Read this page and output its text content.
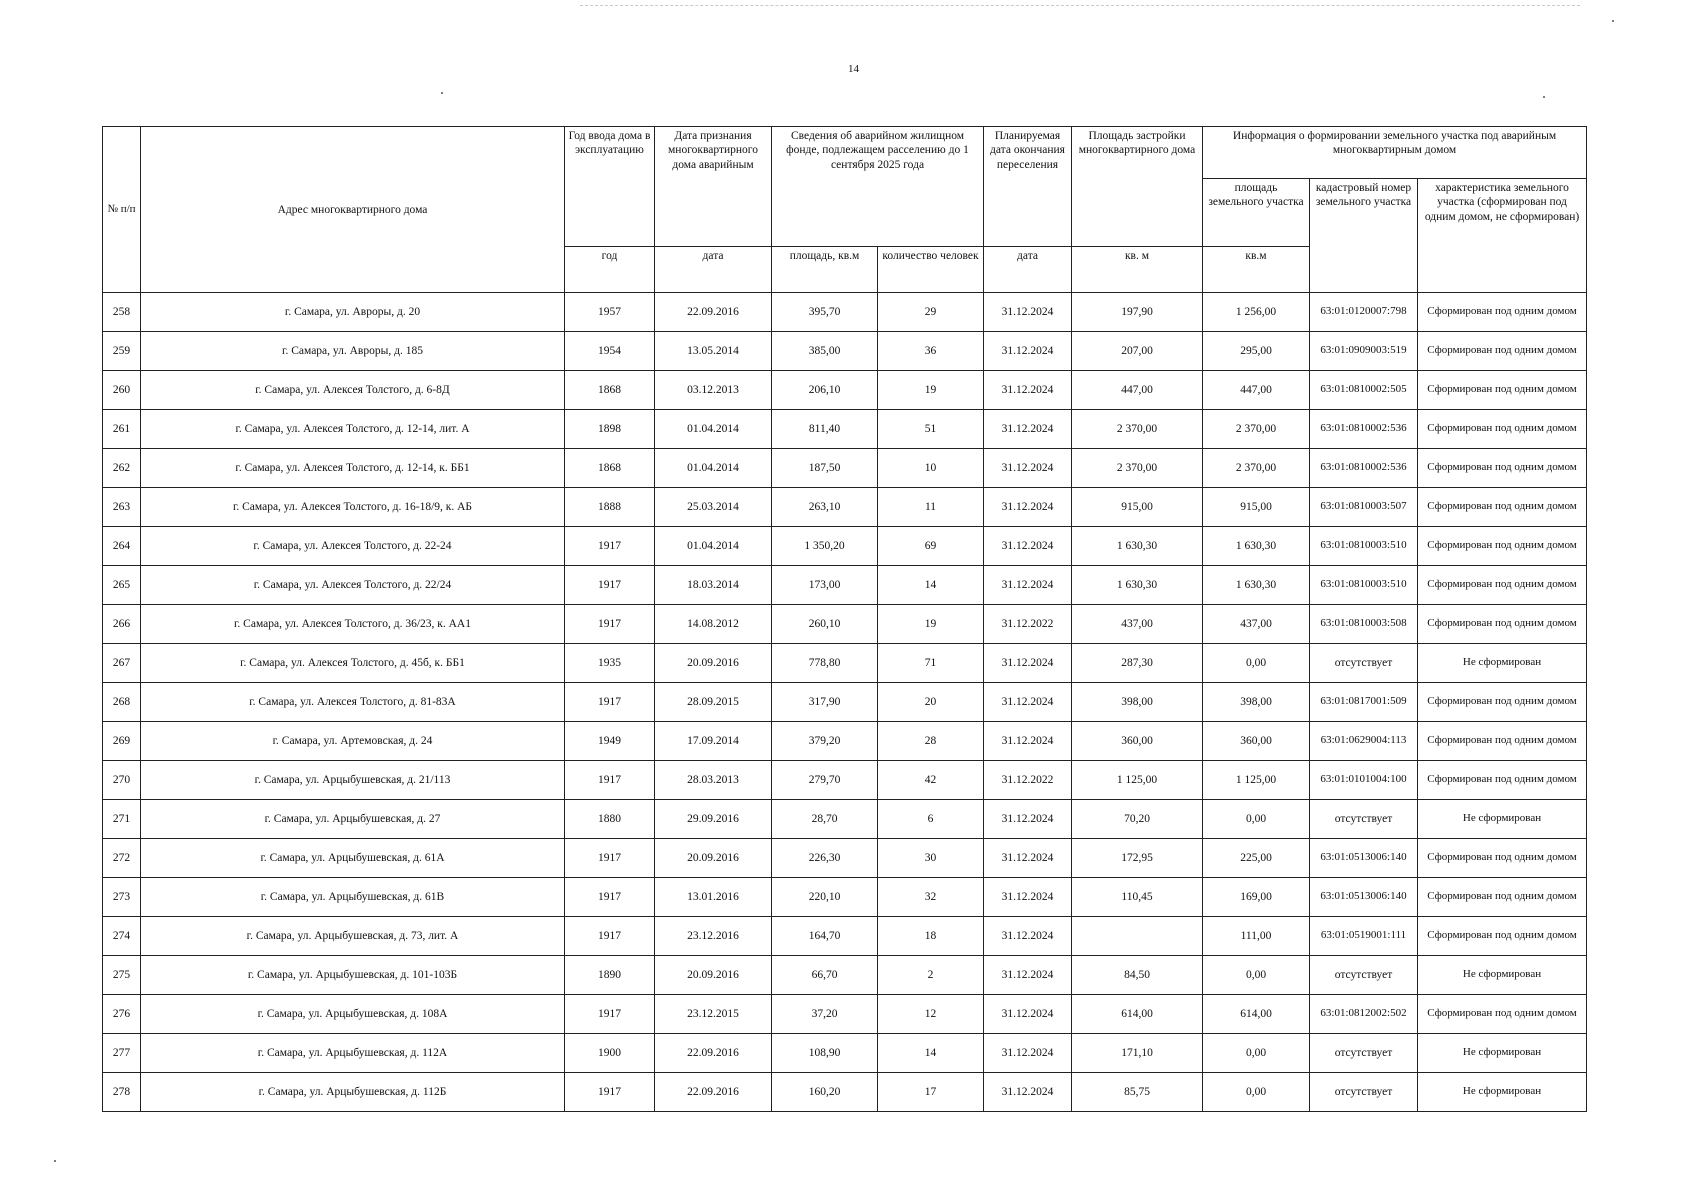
14
№ п/п	Адрес многоквартирного дома	Год ввода дома в эксплуатацию	Дата признания многоквартирного дома аварийным	Сведения об аварийном жилищном фонде, подлежащем расселению до 1 сентября 2025 года		Планируемая дата окончания переселения	Площадь застройки многоквартирного дома	Информация о формировании земельного участка под аварийным многоквартирным домом		
								площадь земельного участка	кадастровый номер земельного участка	характеристика земельного участка (сформирован под одним домом, не сформирован)
		год	дата	площадь, кв.м	количество человек	дата	кв. м	кв.м		
258	г. Самара, ул. Авроры, д. 20	1957	22.09.2016	395,70	29	31.12.2024	197,90	1 256,00	63:01:0120007:798	Сформирован под одним домом
259	г. Самара, ул. Авроры, д. 185	1954	13.05.2014	385,00	36	31.12.2024	207,00	295,00	63:01:0909003:519	Сформирован под одним домом
260	г. Самара, ул. Алексея Толстого, д. 6-8Д	1868	03.12.2013	206,10	19	31.12.2024	447,00	447,00	63:01:0810002:505	Сформирован под одним домом
261	г. Самара, ул. Алексея Толстого, д. 12-14, лит. А	1898	01.04.2014	811,40	51	31.12.2024	2 370,00	2 370,00	63:01:0810002:536	Сформирован под одним домом
262	г. Самара, ул. Алексея Толстого, д. 12-14, к. ББ1	1868	01.04.2014	187,50	10	31.12.2024	2 370,00	2 370,00	63:01:0810002:536	Сформирован под одним домом
263	г. Самара, ул. Алексея Толстого, д. 16-18/9, к. АБ	1888	25.03.2014	263,10	11	31.12.2024	915,00	915,00	63:01:0810003:507	Сформирован под одним домом
264	г. Самара, ул. Алексея Толстого, д. 22-24	1917	01.04.2014	1 350,20	69	31.12.2024	1 630,30	1 630,30	63:01:0810003:510	Сформирован под одним домом
265	г. Самара, ул. Алексея Толстого, д. 22/24	1917	18.03.2014	173,00	14	31.12.2024	1 630,30	1 630,30	63:01:0810003:510	Сформирован под одним домом
266	г. Самара, ул. Алексея Толстого, д. 36/23, к. АА1	1917	14.08.2012	260,10	19	31.12.2022	437,00	437,00	63:01:0810003:508	Сформирован под одним домом
267	г. Самара, ул. Алексея Толстого, д. 45б, к. ББ1	1935	20.09.2016	778,80	71	31.12.2024	287,30	0,00	отсутствует	Не сформирован
268	г. Самара, ул. Алексея Толстого, д. 81-83А	1917	28.09.2015	317,90	20	31.12.2024	398,00	398,00	63:01:0817001:509	Сформирован под одним домом
269	г. Самара, ул. Артемовская, д. 24	1949	17.09.2014	379,20	28	31.12.2024	360,00	360,00	63:01:0629004:113	Сформирован под одним домом
270	г. Самара, ул. Арцыбушевская, д. 21/113	1917	28.03.2013	279,70	42	31.12.2022	1 125,00	1 125,00	63:01:0101004:100	Сформирован под одним домом
271	г. Самара, ул. Арцыбушевская, д. 27	1880	29.09.2016	28,70	6	31.12.2024	70,20	0,00	отсутствует	Не сформирован
272	г. Самара, ул. Арцыбушевская, д. 61А	1917	20.09.2016	226,30	30	31.12.2024	172,95	225,00	63:01:0513006:140	Сформирован под одним домом
273	г. Самара, ул. Арцыбушевская, д. 61В	1917	13.01.2016	220,10	32	31.12.2024	110,45	169,00	63:01:0513006:140	Сформирован под одним домом
274	г. Самара, ул. Арцыбушевская, д. 73, лит. А	1917	23.12.2016	164,70	18	31.12.2024		111,00	63:01:0519001:111	Сформирован под одним домом
275	г. Самара, ул. Арцыбушевская, д. 101-103Б	1890	20.09.2016	66,70	2	31.12.2024	84,50	0,00	отсутствует	Не сформирован
276	г. Самара, ул. Арцыбушевская, д. 108А	1917	23.12.2015	37,20	12	31.12.2024	614,00	614,00	63:01:0812002:502	Сформирован под одним домом
277	г. Самара, ул. Арцыбушевская, д. 112А	1900	22.09.2016	108,90	14	31.12.2024	171,10	0,00	отсутствует	Не сформирован
278	г. Самара, ул. Арцыбушевская, д. 112Б	1917	22.09.2016	160,20	17	31.12.2024	85,75	0,00	отсутствует	Не сформирован
